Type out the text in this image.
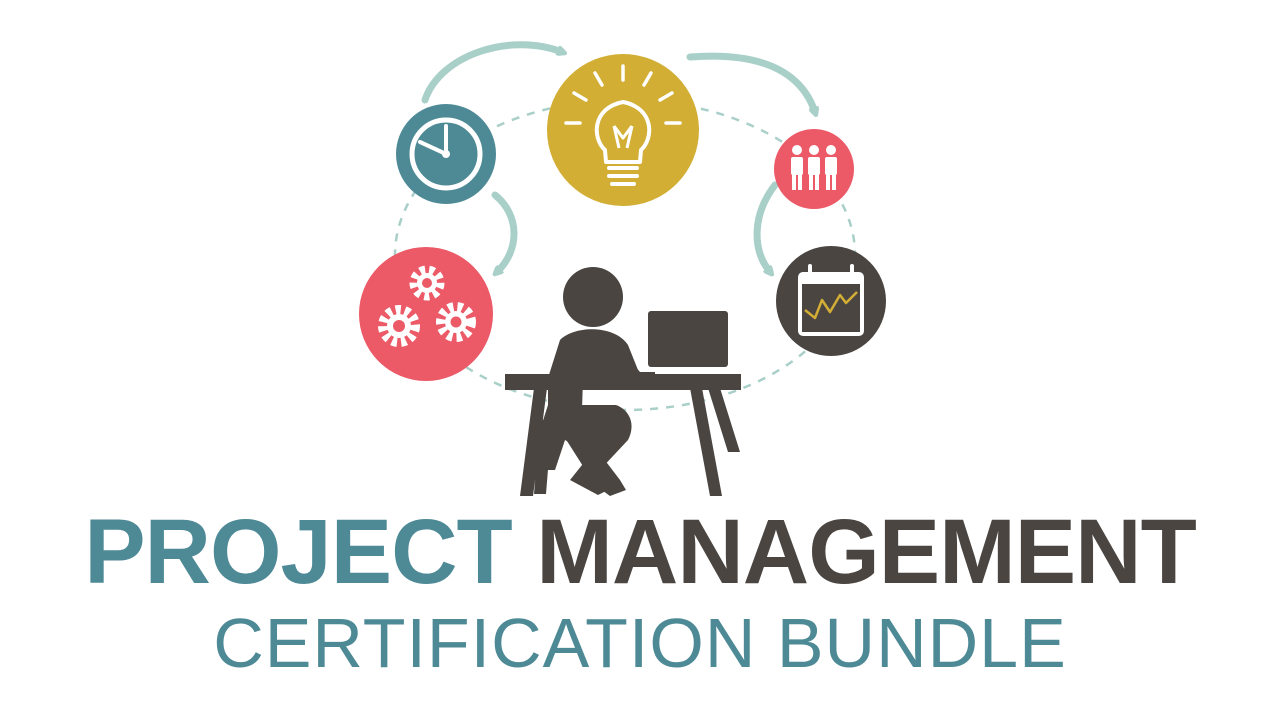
PROJECT MANAGEMENT

CERTIFICATION BUNDLE
